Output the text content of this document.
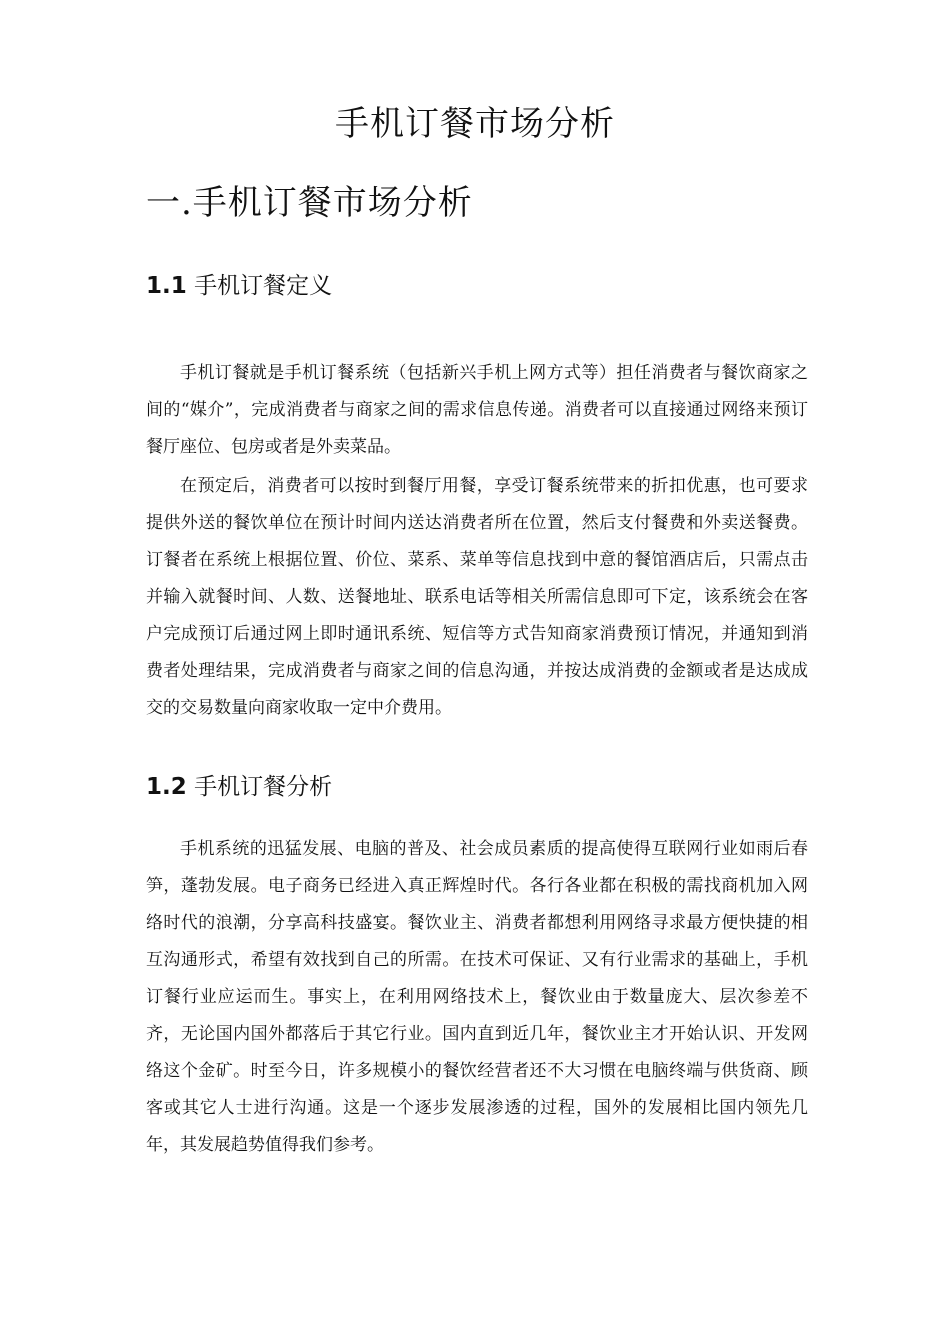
手机订餐市场分析
一.手机订餐市场分析
1.1 手机订餐定义

手机订餐就是手机订餐系统（包括新兴手机上网方式等）担任消费者与餐饮商家之间的“媒介”，完成消费者与商家之间的需求信息传递。消费者可以直接通过网络来预订餐厅座位、包房或者是外卖菜品。

在预定后，消费者可以按时到餐厅用餐，享受订餐系统带来的折扣优惠，也可要求提供外送的餐饮单位在预计时间内送达消费者所在位置，然后支付餐费和外卖送餐费。订餐者在系统上根据位置、价位、菜系、菜单等信息找到中意的餐馆酒店后，只需点击并输入就餐时间、人数、送餐地址、联系电话等相关所需信息即可下定，该系统会在客户完成预订后通过网上即时通讯系统、短信等方式告知商家消费预订情况，并通知到消费者处理结果，完成消费者与商家之间的信息沟通，并按达成消费的金额或者是达成成交的交易数量向商家收取一定中介费用。

1.2 手机订餐分析

手机系统的迅猛发展、电脑的普及、社会成员素质的提高使得互联网行业如雨后春笋，蓬勃发展。电子商务已经进入真正辉煌时代。各行各业都在积极的需找商机加入网络时代的浪潮，分享高科技盛宴。餐饮业主、消费者都想利用网络寻求最方便快捷的相互沟通形式，希望有效找到自己的所需。在技术可保证、又有行业需求的基础上，手机订餐行业应运而生。事实上，在利用网络技术上，餐饮业由于数量庞大、层次参差不齐，无论国内国外都落后于其它行业。国内直到近几年，餐饮业主才开始认识、开发网络这个金矿。时至今日，许多规模小的餐饮经营者还不大习惯在电脑终端与供货商、顾客或其它人士进行沟通。这是一个逐步发展渗透的过程，国外的发展相比国内领先几年，其发展趋势值得我们参考。
